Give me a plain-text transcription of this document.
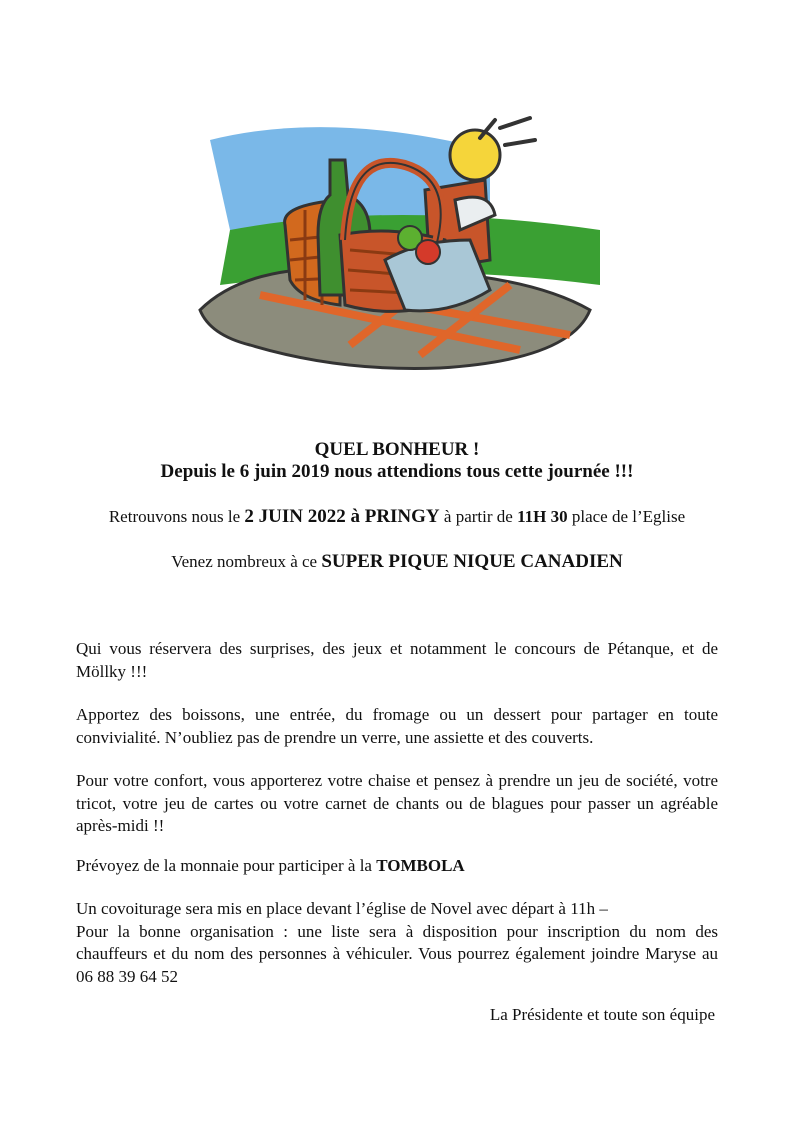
QUEL BONHEUR !
Depuis le 6 juin 2019 nous attendions tous cette journée !!!
Retrouvons nous le 2 JUIN 2022 à PRINGY à partir de 11H 30 place de l’Eglise
Venez nombreux à ce SUPER PIQUE NIQUE CANADIEN

Qui vous réservera des surprises, des jeux et notamment le concours de Pétanque, et de Möllky !!!

Apportez des boissons, une entrée, du fromage ou un dessert pour partager en toute convivialité. N’oubliez pas de prendre un verre, une assiette et des couverts.

Pour votre confort, vous apporterez votre chaise et pensez à prendre un jeu de société, votre tricot, votre jeu de cartes ou votre carnet de chants ou de blagues pour passer un agréable après-midi !!

Prévoyez de la monnaie pour participer à la TOMBOLA

Un covoiturage sera mis en place devant l’église de Novel avec départ à 11h –
Pour la bonne organisation : une liste sera à disposition pour inscription du nom des chauffeurs et du nom des personnes à véhiculer. Vous pourrez également joindre Maryse au 06 88 39 64 52
La Présidente et toute son équipe
